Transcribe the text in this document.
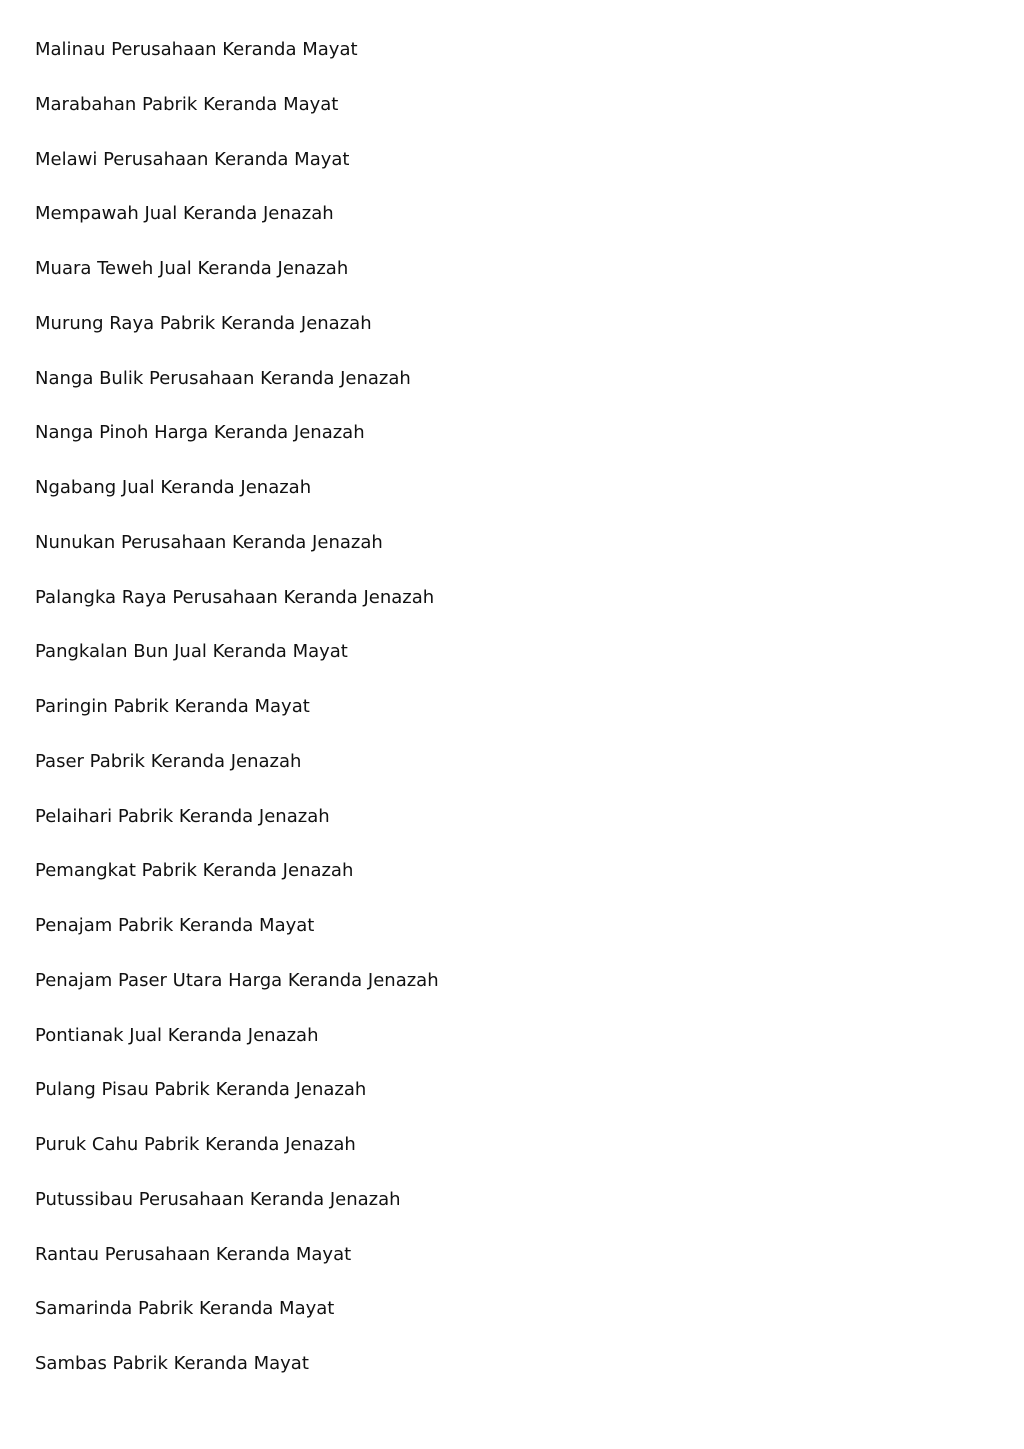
Malinau Perusahaan Keranda Mayat
Marabahan Pabrik Keranda Mayat
Melawi Perusahaan Keranda Mayat
Mempawah Jual Keranda Jenazah
Muara Teweh Jual Keranda Jenazah
Murung Raya Pabrik Keranda Jenazah
Nanga Bulik Perusahaan Keranda Jenazah
Nanga Pinoh Harga Keranda Jenazah
Ngabang Jual Keranda Jenazah
Nunukan Perusahaan Keranda Jenazah
Palangka Raya Perusahaan Keranda Jenazah
Pangkalan Bun Jual Keranda Mayat
Paringin Pabrik Keranda Mayat
Paser Pabrik Keranda Jenazah
Pelaihari Pabrik Keranda Jenazah
Pemangkat Pabrik Keranda Jenazah
Penajam Pabrik Keranda Mayat
Penajam Paser Utara Harga Keranda Jenazah
Pontianak Jual Keranda Jenazah
Pulang Pisau Pabrik Keranda Jenazah
Puruk Cahu Pabrik Keranda Jenazah
Putussibau Perusahaan Keranda Jenazah
Rantau Perusahaan Keranda Mayat
Samarinda Pabrik Keranda Mayat
Sambas Pabrik Keranda Mayat
